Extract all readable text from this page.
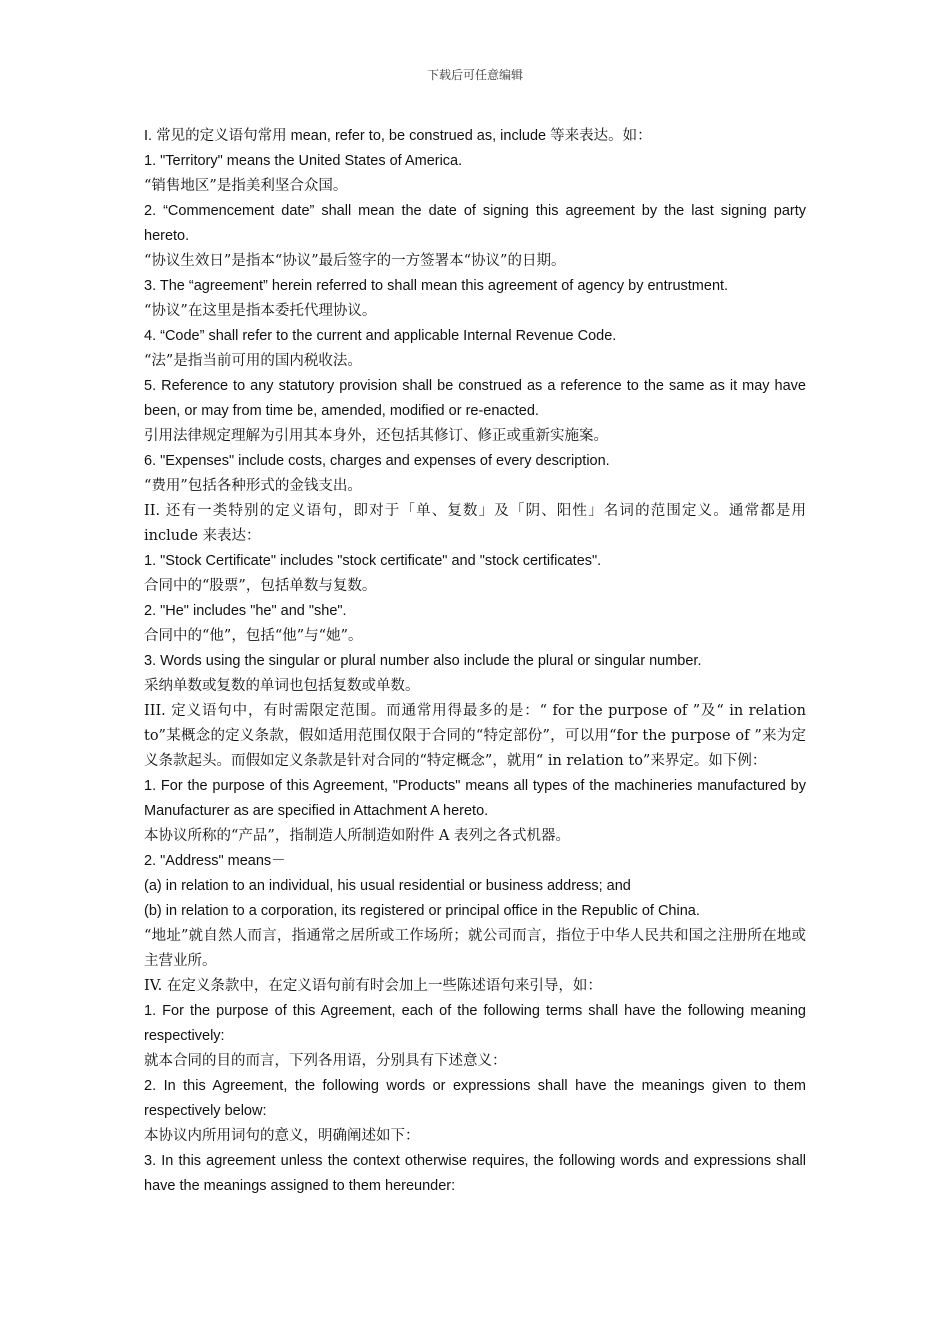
下载后可任意编辑

I. 常见的定义语句常用 mean, refer to, be construed as, include 等来表达。如：

1. "Territory" means the United States of America.

“销售地区”是指美利坚合众国。

2. “Commencement date” shall mean the date of signing this agreement by the last signing party hereto.

“协议生效日”是指本“协议”最后签字的一方签署本“协议”的日期。

3. The “agreement” herein referred to shall mean this agreement of agency by entrustment.

“协议”在这里是指本委托代理协议。

4. “Code” shall refer to the current and applicable Internal Revenue Code.

“法”是指当前可用的国内税收法。

5. Reference to any statutory provision shall be construed as a reference to the same as it may have been, or may from time be, amended, modified or re-enacted.

引用法律规定理解为引用其本身外，还包括其修订、修正或重新实施案。

6. "Expenses" include costs, charges and expenses of every description.

“费用”包括各种形式的金钱支出。

II. 还有一类特别的定义语句，即对于「单、复数」及「阴、阳性」名词的范围定义。通常都是用 include 来表达：

1. "Stock Certificate" includes "stock certificate" and "stock certificates".

合同中的“股票”，包括单数与复数。

2. "He" includes "he" and "she".

合同中的“他”，包括“他”与“她”。

3. Words using the singular or plural number also include the plural or singular number.

采纳单数或复数的单词也包括复数或单数。

III. 定义语句中，有时需限定范围。而通常用得最多的是：“ for the purpose of ”及“ in relation to”某概念的定义条款，假如适用范围仅限于合同的“特定部份”，可以用“for the purpose of ”来为定义条款起头。而假如定义条款是针对合同的“特定概念”，就用“ in relation to”来界定。如下例：

1. For the purpose of this Agreement, "Products" means all types of the machineries manufactured by Manufacturer as are specified in Attachment A hereto.

本协议所称的“产品”，指制造人所制造如附件 A 表列之各式机器。

2. "Address" means－

(a) in relation to an individual, his usual residential or business address; and

(b) in relation to a corporation, its registered or principal office in the Republic of China.

“地址”就自然人而言，指通常之居所或工作场所；就公司而言，指位于中华人民共和国之注册所在地或主营业所。

IV. 在定义条款中，在定义语句前有时会加上一些陈述语句来引导，如：

1. For the purpose of this Agreement, each of the following terms shall have the following meaning respectively:

就本合同的目的而言，下列各用语，分别具有下述意义：

2. In this Agreement, the following words or expressions shall have the meanings given to them respectively below:

本协议内所用词句的意义，明确阐述如下：

3. In this agreement unless the context otherwise requires, the following words and expressions shall have the meanings assigned to them hereunder:
